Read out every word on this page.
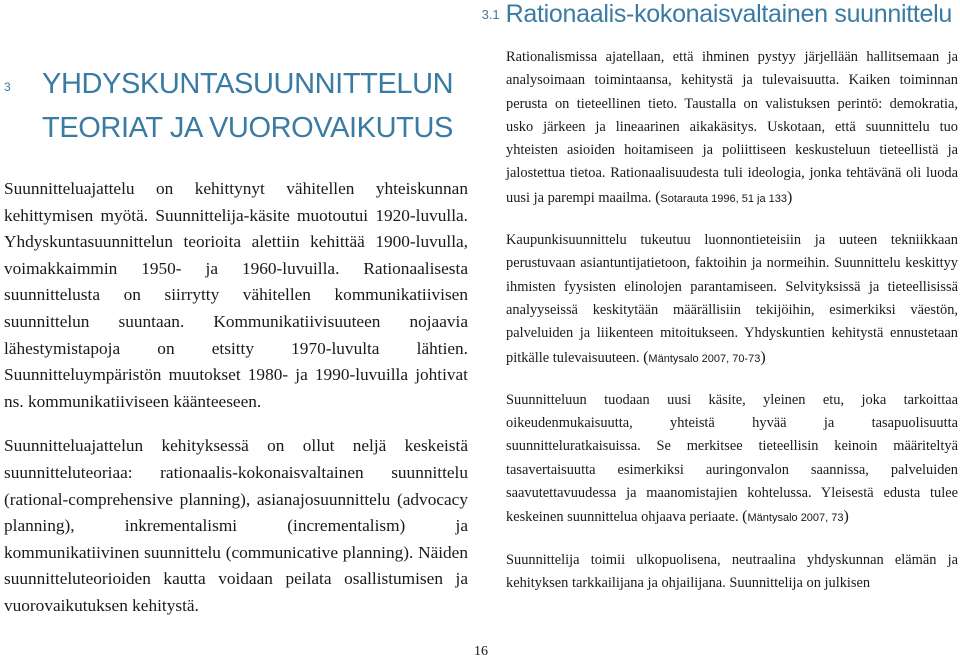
3.1 Rationaalis-kokonaisvaltainen suunnittelu
3 YHDYSKUNTASUUNNITTELUN
TEORIAT JA VUOROVAIKUTUS

Suunnitteluajattelu on kehittynyt vähitellen yhteiskunnan kehittymisen myötä. Suunnittelija-käsite muotoutui 1920-luvulla. Yhdyskuntasuunnittelun teorioita alettiin kehittää 1900-luvulla, voimakkaimmin 1950- ja 1960-luvuilla. Rationaalisesta suunnittelusta on siirrytty vähitellen kommunikatiivisen suunnittelun suuntaan. Kommunikatiivisuuteen nojaavia lähestymistapoja on etsitty 1970-luvulta lähtien. Suunnitteluympäristön muutokset 1980- ja 1990-luvuilla johtivat ns. kommunikatiiviseen käänteeseen.

Suunnitteluajattelun kehityksessä on ollut neljä keskeistä suunnitteluteoriaa: rationaalis-kokonaisvaltainen suunnittelu (rational-comprehensive planning), asianajosuunnittelu (advocacy planning), inkrementalismi (incrementalism) ja kommunikatiivinen suunnittelu (communicative planning). Näiden suunnitteluteorioiden kautta voidaan peilata osallistumisen ja vuorovaikutuksen kehitystä.

Rationalismissa ajatellaan, että ihminen pystyy järjellään hallitsemaan ja analysoimaan toimintaansa, kehitystä ja tulevaisuutta. Kaiken toiminnan perusta on tieteellinen tieto. Taustalla on valistuksen perintö: demokratia, usko järkeen ja lineaarinen aikakäsitys. Uskotaan, että suunnittelu tuo yhteisten asioiden hoitamiseen ja poliittiseen keskusteluun tieteellistä ja jalostettua tietoa. Rationaalisuudesta tuli ideologia, jonka tehtävänä oli luoda uusi ja parempi maailma. (Sotarauta 1996, 51 ja 133)

Kaupunkisuunnittelu tukeutuu luonnontieteisiin ja uuteen tekniikkaan perustuvaan asiantuntijatietoon, faktoihin ja normeihin. Suunnittelu keskittyy ihmisten fyysisten elinolojen parantamiseen. Selvityksissä ja tieteellisissä analyyseissä keskitytään määrällisiin tekijöihin, esimerkiksi väestön, palveluiden ja liikenteen mitoitukseen. Yhdyskuntien kehitystä ennustetaan pitkälle tulevaisuuteen. (Mäntysalo 2007, 70-73)

Suunnitteluun tuodaan uusi käsite, yleinen etu, joka tarkoittaa oikeudenmukaisuutta, yhteistä hyvää ja tasapuolisuutta suunnitteluratkaisuissa. Se merkitsee tieteellisin keinoin määriteltyä tasavertaisuutta esimerkiksi auringonvalon saannissa, palveluiden saavutettavuudessa ja maanomistajien kohtelussa. Yleisestä edusta tulee keskeinen suunnittelua ohjaava periaate. (Mäntysalo 2007, 73)

Suunnittelija toimii ulkopuolisena, neutraalina yhdyskunnan elämän ja kehityksen tarkkailijana ja ohjailijana. Suunnittelija on julkisen

16
